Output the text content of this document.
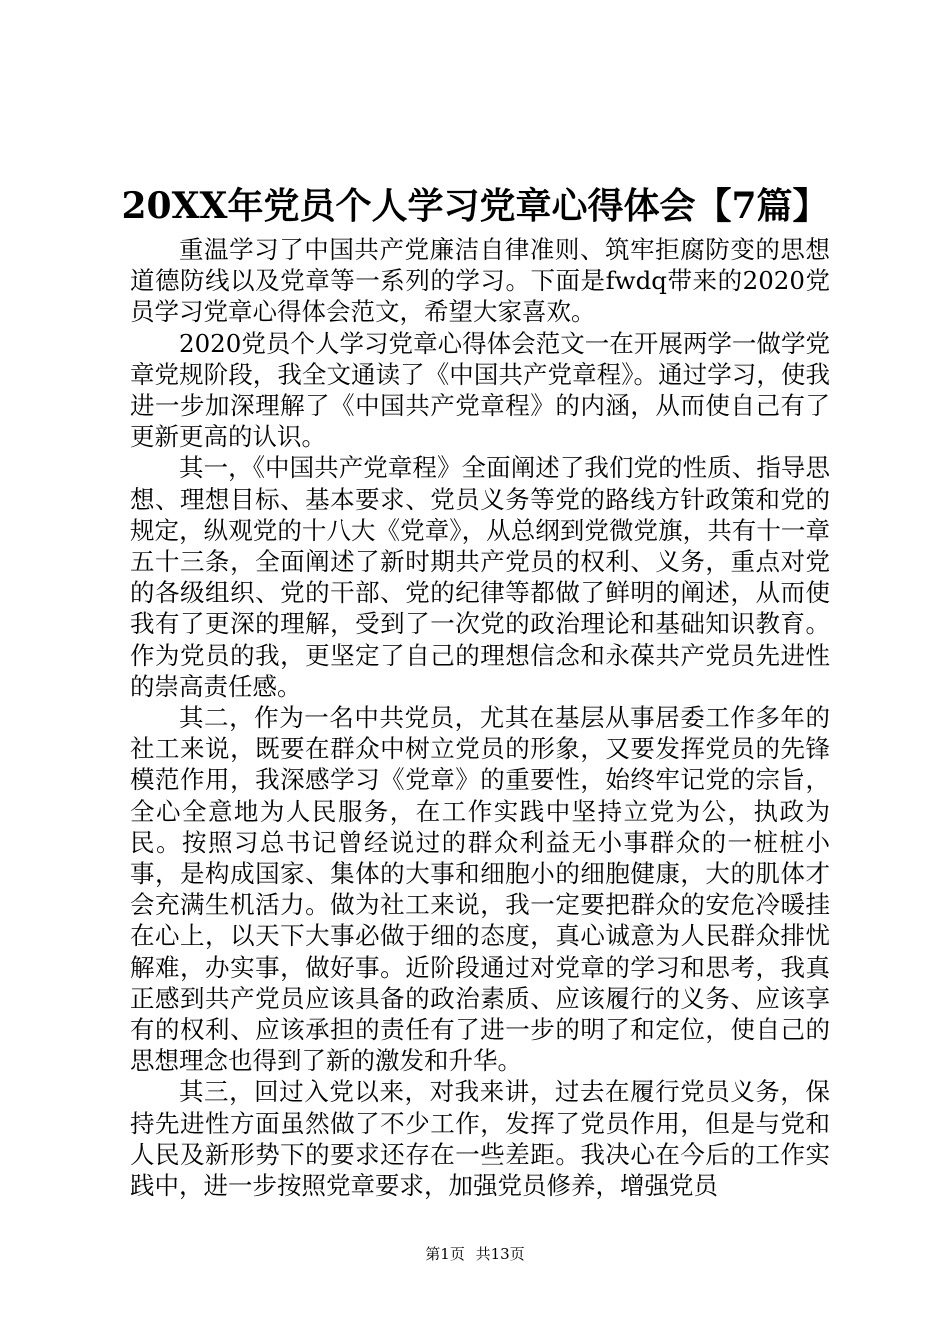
20XX年党员个人学习党章心得体会【7篇】

重温学习了中国共产党廉洁自律准则、筑牢拒腐防变的思想道德防线以及党章等一系列的学习。下面是fwdq带来的2020党员学习党章心得体会范文，希望大家喜欢。

2020党员个人学习党章心得体会范文一在开展两学一做学党章党规阶段，我全文通读了《中国共产党章程》。通过学习，使我进一步加深理解了《中国共产党章程》的内涵，从而使自己有了更新更高的认识。

其一，《中国共产党章程》全面阐述了我们党的性质、指导思想、理想目标、基本要求、党员义务等党的路线方针政策和党的规定，纵观党的十八大《党章》，从总纲到党微党旗，共有十一章五十三条，全面阐述了新时期共产党员的权利、义务，重点对党的各级组织、党的干部、党的纪律等都做了鲜明的阐述，从而使我有了更深的理解，受到了一次党的政治理论和基础知识教育。作为党员的我，更坚定了自己的理想信念和永葆共产党员先进性的崇高责任感。

其二，作为一名中共党员，尤其在基层从事居委工作多年的社工来说，既要在群众中树立党员的形象，又要发挥党员的先锋模范作用，我深感学习《党章》的重要性，始终牢记党的宗旨，全心全意地为人民服务，在工作实践中坚持立党为公，执政为民。按照习总书记曾经说过的群众利益无小事群众的一桩桩小事，是构成国家、集体的大事和细胞小的细胞健康，大的肌体才会充满生机活力。做为社工来说，我一定要把群众的安危冷暖挂在心上，以天下大事必做于细的态度，真心诚意为人民群众排忧解难，办实事，做好事。近阶段通过对党章的学习和思考，我真正感到共产党员应该具备的政治素质、应该履行的义务、应该享有的权利、应该承担的责任有了进一步的明了和定位，使自己的思想理念也得到了新的激发和升华。

其三，回过入党以来，对我来讲，过去在履行党员义务，保持先进性方面虽然做了不少工作，发挥了党员作用，但是与党和人民及新形势下的要求还存在一些差距。我决心在今后的工作实践中，进一步按照党章要求，加强党员修养，增强党员

第1页 共13页
